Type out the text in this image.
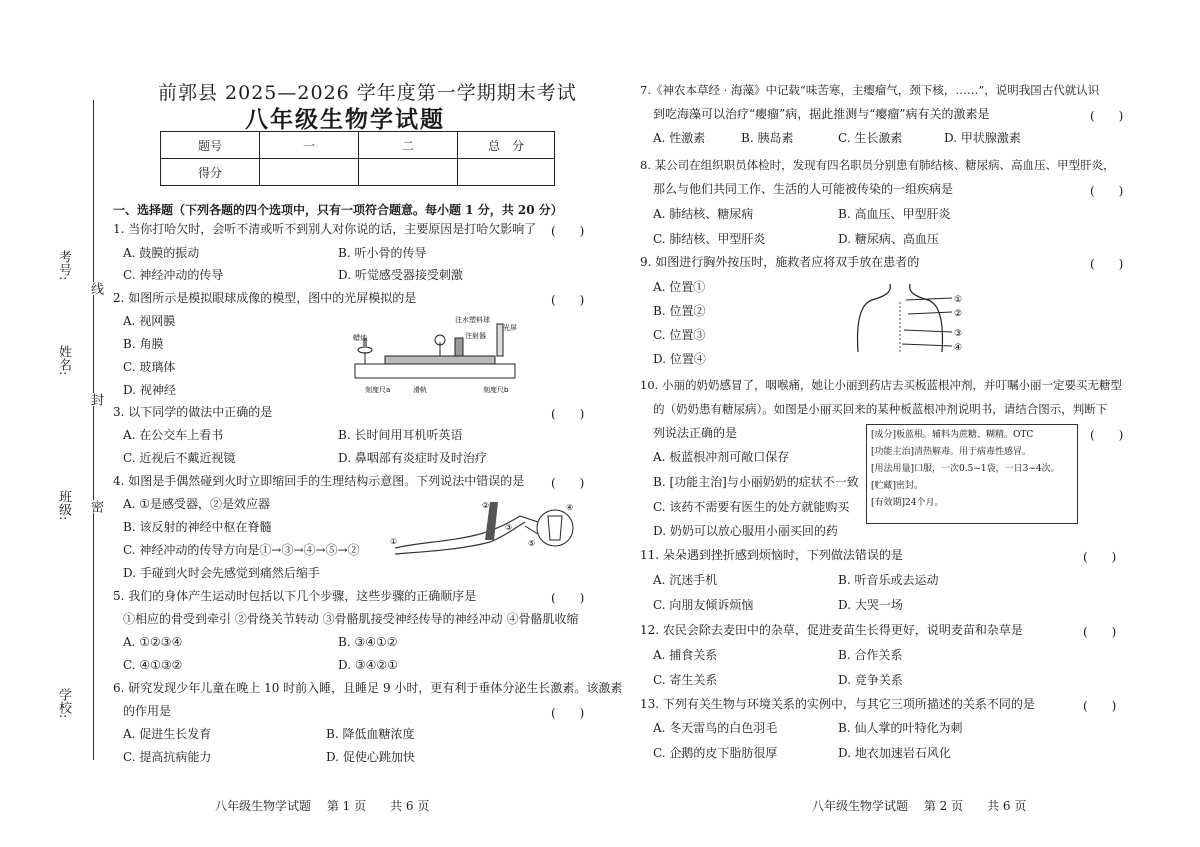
考号:
姓名:
班级:
学校:
线
封
密
前郭县 2025—2026 学年度第一学期期末考试
八年级生物学试题
题号	一	二	总　分
得分			
一、选择题（下列各题的四个选项中，只有一项符合题意。每小题 1 分，共 20 分）
1. 当你打哈欠时，会听不清或听不到别人对你说的话，主要原因是打哈欠影响了 (　　)
A. 鼓膜的振动	B. 听小骨的传导
C. 神经冲动的传导	D. 听觉感受器接受刺激
2. 如图所示是模拟眼球成像的模型，图中的光屏模拟的是	(　　)
A. 视网膜
B. 角膜
C. 玻璃体
D. 视神经
蜡烛
注水塑料球
注射器
光屏
刻度尺a	滑轨	刻度尺b
3. 以下同学的做法中正确的是	(　　)
A. 在公交车上看书	B. 长时间用耳机听英语
C. 近视后不戴近视镜	D. 鼻咽部有炎症时及时治疗
4. 如图是手偶然碰到火时立即缩回手的生理结构示意图。下列说法中错误的是 (　　)
A. ①是感受器，②是效应器
B. 该反射的神经中枢在脊髓
C. 神经冲动的传导方向是①→③→④→⑤→②
D. 手碰到火时会先感觉到痛然后缩手
①
②
③
④
⑤
5. 我们的身体产生运动时包括以下几个步骤，这些步骤的正确顺序是	(　　)
①相应的骨受到牵引 ②骨绕关节转动 ③骨骼肌接受神经传导的神经冲动 ④骨骼肌收缩
A. ①②③④	B. ③④①②
C. ④①③②	D. ③④②①
6. 研究发现少年儿童在晚上 10 时前入睡，且睡足 9 小时，更有利于垂体分泌生长激素。该激素
的作用是	(　　)
A. 促进生长发育	B. 降低血糖浓度
C. 提高抗病能力	D. 促使心跳加快
八年级生物学试题　 第 1 页　　共 6 页
7.《神农本草经 · 海藻》中记载“味苦寒，主瘿瘤气，颈下核，……”，说明我国古代就认识
到吃海藻可以治疗“瘿瘤”病，据此推测与“瘿瘤”病有关的激素是	(　　)
A. 性激素	B. 胰岛素	C. 生长激素	D. 甲状腺激素
8. 某公司在组织职员体检时，发现有四名职员分别患有肺结核、糖尿病、高血压、甲型肝炎，
那么与他们共同工作、生活的人可能被传染的一组疾病是	(　　)
A. 肺结核、糖尿病	B. 高血压、甲型肝炎
C. 肺结核、甲型肝炎	D. 糖尿病、高血压
9. 如图进行胸外按压时，施救者应将双手放在患者的	(　　)
A. 位置①
B. 位置②
C. 位置③
D. 位置④
①
②
③
④
10. 小丽的奶奶感冒了，咽喉痛，她让小丽到药店去买板蓝根冲剂，并叮嘱小丽一定要买无糖型
的（奶奶患有糖尿病）。如图是小丽买回来的某种板蓝根冲剂说明书，请结合图示，判断下
列说法正确的是	(　　)
A. 板蓝根冲剂可敞口保存
B. [功能主治]与小丽奶奶的症状不一致
C. 该药不需要有医生的处方就能购买
D. 奶奶可以放心服用小丽买回的药
[成分]板蓝根。辅料为蔗糖、糊精。OTC
[功能主治]清热解毒。用于病毒性感冒。
[用法用量]口服，一次0.5~1袋，一日3~4次。
[贮藏]密封。
[有效期]24个月。
11. 朵朵遇到挫折感到烦恼时，下列做法错误的是	(　　)
A. 沉迷手机	B. 听音乐或去运动
C. 向朋友倾诉烦恼	D. 大哭一场
12. 农民会除去麦田中的杂草，促进麦苗生长得更好，说明麦苗和杂草是	(　　)
A. 捕食关系	B. 合作关系
C. 寄生关系	D. 竞争关系
13. 下列有关生物与环境关系的实例中，与其它三项所描述的关系不同的是	(　　)
A. 冬天雷鸟的白色羽毛	B. 仙人掌的叶特化为刺
C. 企鹅的皮下脂肪很厚	D. 地衣加速岩石风化
八年级生物学试题　 第 2 页　　共 6 页
